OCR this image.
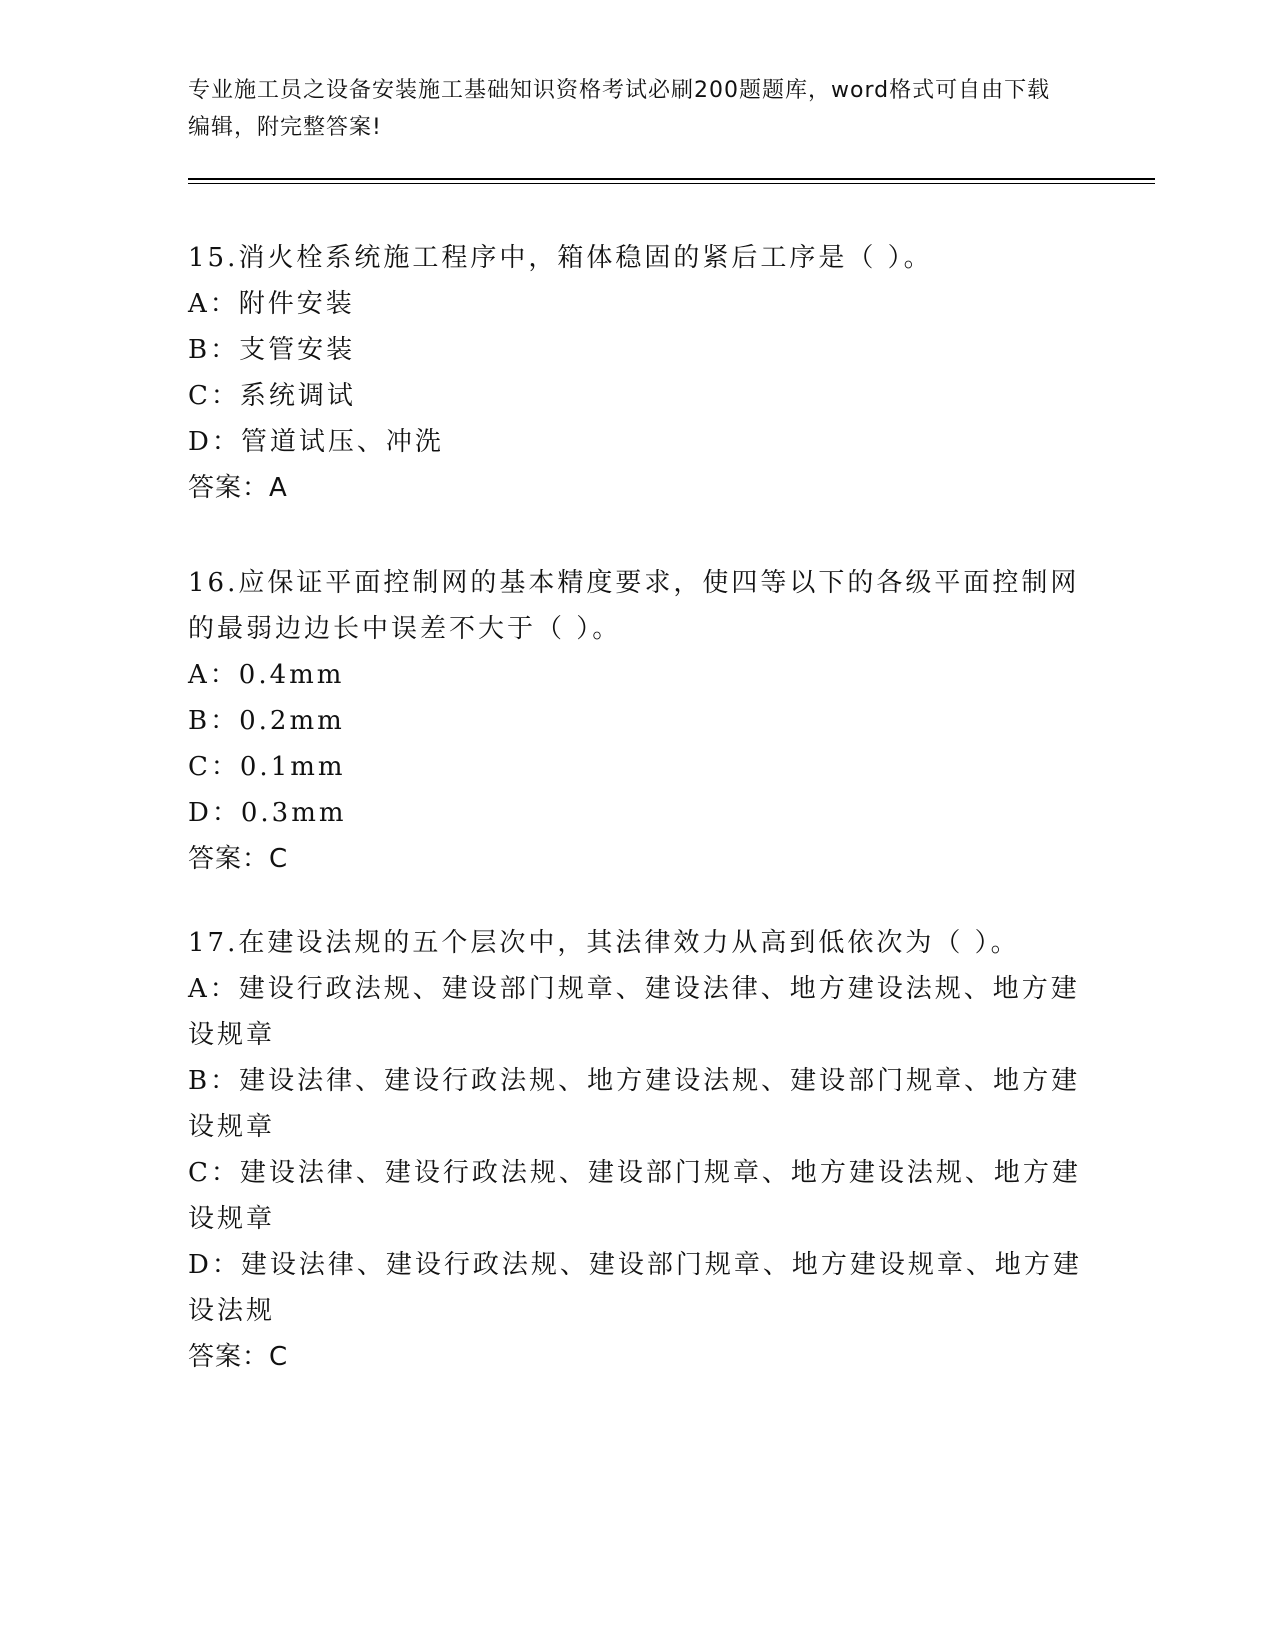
专业施工员之设备安装施工基础知识资格考试必刷200题题库，word格式可自由下载编辑，附完整答案!
15.消火栓系统施工程序中，箱体稳固的紧后工序是（ ）。
A：附件安装
B：支管安装
C：系统调试
D：管道试压、冲洗
答案：A
16.应保证平面控制网的基本精度要求，使四等以下的各级平面控制网的最弱边边长中误差不大于（ ）。
A：0.4mm
B：0.2mm
C：0.1mm
D：0.3mm
答案：C
17.在建设法规的五个层次中，其法律效力从高到低依次为（ ）。
A：建设行政法规、建设部门规章、建设法律、地方建设法规、地方建设规章
B：建设法律、建设行政法规、地方建设法规、建设部门规章、地方建设规章
C：建设法律、建设行政法规、建设部门规章、地方建设法规、地方建设规章
D：建设法律、建设行政法规、建设部门规章、地方建设规章、地方建设法规
答案：C
